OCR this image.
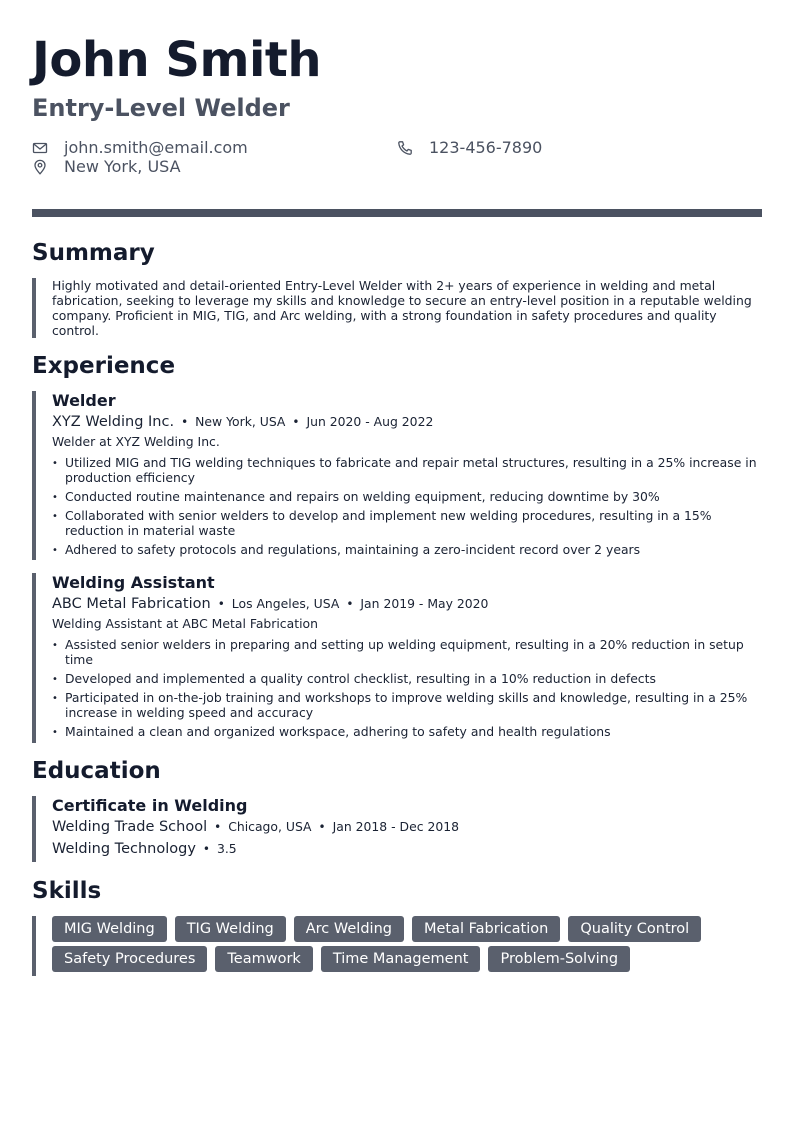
John Smith
Entry-Level Welder
john.smith@email.com	123-456-7890
New York, USA
Summary

Highly motivated and detail-oriented Entry-Level Welder with 2+ years of experience in welding and metal fabrication, seeking to leverage my skills and knowledge to secure an entry-level position in a reputable welding company. Proficient in MIG, TIG, and Arc welding, with a strong foundation in safety procedures and quality control.

Experience
Welder
XYZ Welding Inc. • New York, USA • Jun 2020 - Aug 2022
Welder at XYZ Welding Inc.
• Utilized MIG and TIG welding techniques to fabricate and repair metal structures, resulting in a 25% increase in production efficiency
• Conducted routine maintenance and repairs on welding equipment, reducing downtime by 30%
• Collaborated with senior welders to develop and implement new welding procedures, resulting in a 15% reduction in material waste
• Adhered to safety protocols and regulations, maintaining a zero-incident record over 2 years
Welding Assistant
ABC Metal Fabrication • Los Angeles, USA • Jan 2019 - May 2020
Welding Assistant at ABC Metal Fabrication
• Assisted senior welders in preparing and setting up welding equipment, resulting in a 20% reduction in setup time
• Developed and implemented a quality control checklist, resulting in a 10% reduction in defects
• Participated in on-the-job training and workshops to improve welding skills and knowledge, resulting in a 25% increase in welding speed and accuracy
• Maintained a clean and organized workspace, adhering to safety and health regulations
Education
Certificate in Welding
Welding Trade School • Chicago, USA • Jan 2018 - Dec 2018
Welding Technology • 3.5
Skills
MIG Welding	TIG Welding	Arc Welding	Metal Fabrication	Quality Control
Safety Procedures	Teamwork	Time Management	Problem-Solving
